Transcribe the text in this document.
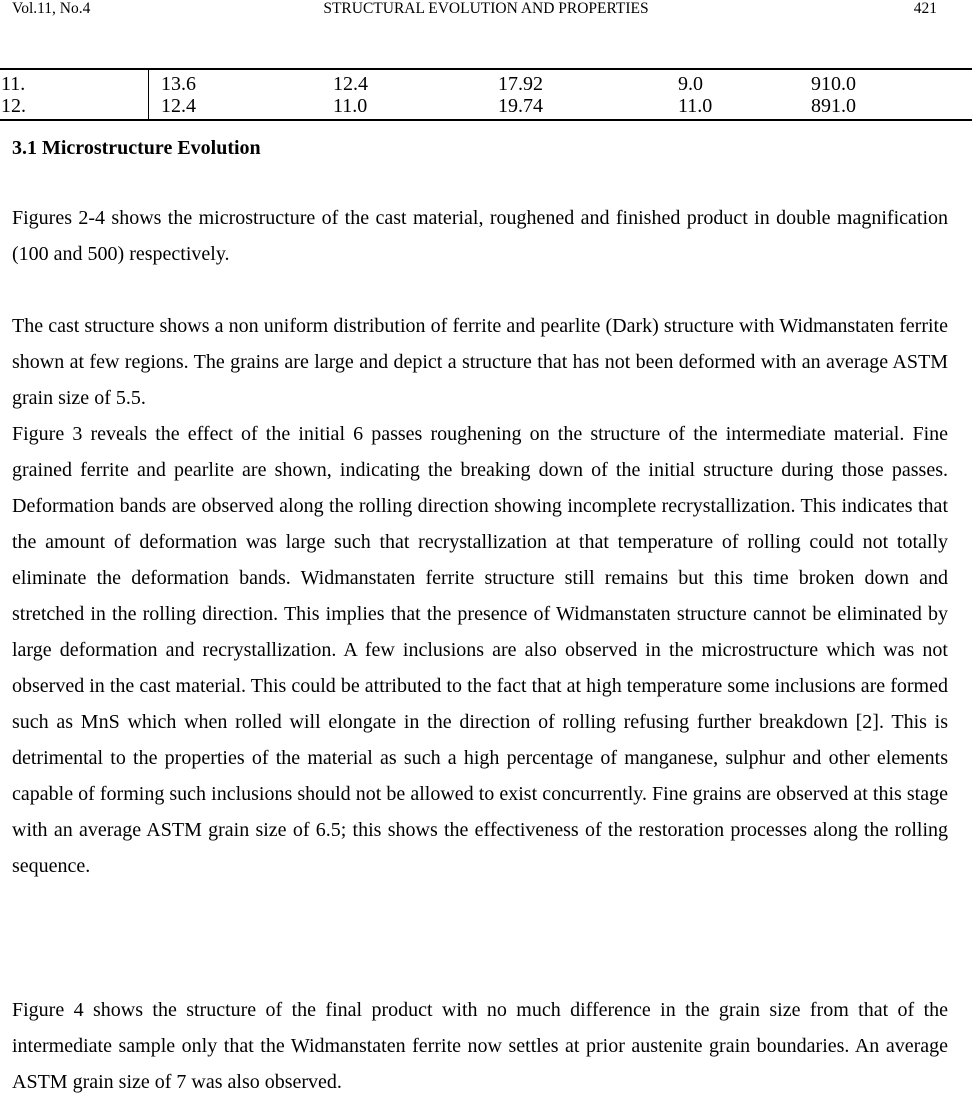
Vol.11, No.4	STRUCTURAL EVOLUTION AND PROPERTIES	421
11.	13.6	12.4	17.92	9.0	910.0
12.	12.4	11.0	19.74	11.0	891.0
3.1 Microstructure Evolution

Figures 2-4 shows the microstructure of the cast material, roughened and finished product in double magnification (100 and 500) respectively.

The cast structure shows a non uniform distribution of ferrite and pearlite (Dark) structure with Widmanstaten ferrite shown at few regions. The grains are large and depict a structure that has not been deformed with an average ASTM grain size of 5.5.

Figure 3 reveals the effect of the initial 6 passes roughening on the structure of the intermediate material. Fine grained ferrite and pearlite are shown, indicating the breaking down of the initial structure during those passes. Deformation bands are observed along the rolling direction showing incomplete recrystallization. This indicates that the amount of deformation was large such that recrystallization at that temperature of rolling could not totally eliminate the deformation bands. Widmanstaten ferrite structure still remains but this time broken down and stretched in the rolling direction. This implies that the presence of Widmanstaten structure cannot be eliminated by large deformation and recrystallization. A few inclusions are also observed in the microstructure which was not observed in the cast material. This could be attributed to the fact that at high temperature some inclusions are formed such as MnS which when rolled will elongate in the direction of rolling refusing further breakdown [2]. This is detrimental to the properties of the material as such a high percentage of manganese, sulphur and other elements capable of forming such inclusions should not be allowed to exist concurrently. Fine grains are observed at this stage with an average ASTM grain size of 6.5; this shows the effectiveness of the restoration processes along the rolling sequence.

Figure 4 shows the structure of the final product with no much difference in the grain size from that of the intermediate sample only that the Widmanstaten ferrite now settles at prior austenite grain boundaries. An average ASTM grain size of 7 was also observed.
